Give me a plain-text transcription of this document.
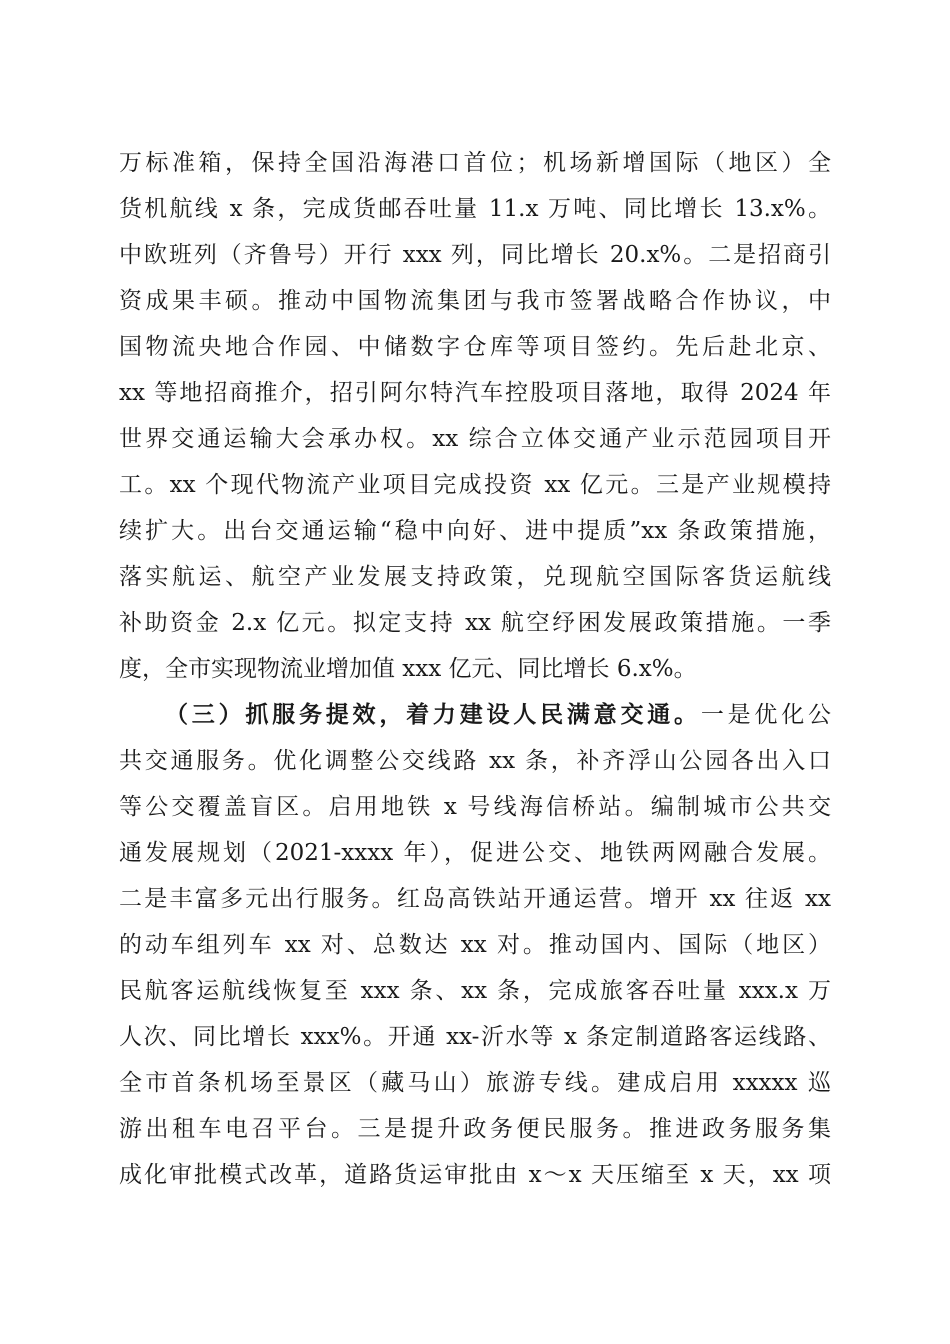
万标准箱，保持全国沿海港口首位；机场新增国际（地区）全
货机航线 x 条，完成货邮吞吐量 11.x 万吨、同比增长 13.x%。
中欧班列（齐鲁号）开行 xxx 列，同比增长 20.x%。二是招商引
资成果丰硕。推动中国物流集团与我市签署战略合作协议，中
国物流央地合作园、中储数字仓库等项目签约。先后赴北京、
xx 等地招商推介，招引阿尔特汽车控股项目落地，取得 2024 年
世界交通运输大会承办权。xx 综合立体交通产业示范园项目开
工。xx 个现代物流产业项目完成投资 xx 亿元。三是产业规模持
续扩大。出台交通运输“稳中向好、进中提质”xx 条政策措施，
落实航运、航空产业发展支持政策，兑现航空国际客货运航线
补助资金 2.x 亿元。拟定支持 xx 航空纾困发展政策措施。一季
度，全市实现物流业增加值 xxx 亿元、同比增长 6.x%。
（三）抓服务提效，着力建设人民满意交通。一是优化公
共交通服务。优化调整公交线路 xx 条，补齐浮山公园各出入口
等公交覆盖盲区。启用地铁 x 号线海信桥站。编制城市公共交
通发展规划（2021-xxxx 年），促进公交、地铁两网融合发展。
二是丰富多元出行服务。红岛高铁站开通运营。增开 xx 往返 xx
的动车组列车 xx 对、总数达 xx 对。推动国内、国际（地区）
民航客运航线恢复至 xxx 条、xx 条，完成旅客吞吐量 xxx.x 万
人次、同比增长 xxx%。开通 xx-沂水等 x 条定制道路客运线路、
全市首条机场至景区（藏马山）旅游专线。建成启用 xxxxx 巡
游出租车电召平台。三是提升政务便民服务。推进政务服务集
成化审批模式改革，道路货运审批由 x～x 天压缩至 x 天，xx 项
